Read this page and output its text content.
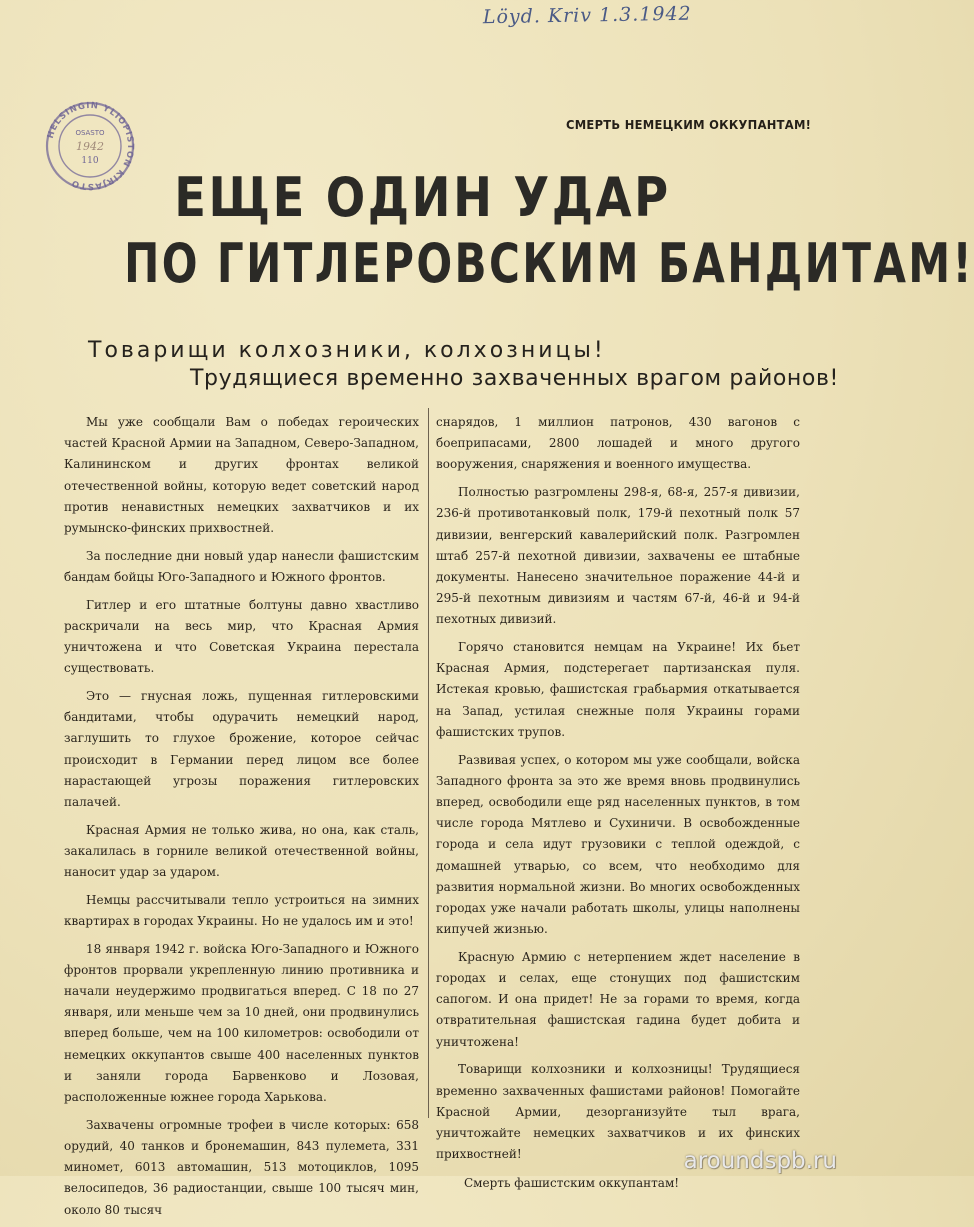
Löyd. Kriv 1.3.1942
HELSINGIN YLIOPISTON KIRJASTO
OSASTO
1942
110
СМЕРТЬ НЕМЕЦКИМ ОККУПАНТАМ!
ЕЩЕ ОДИН УДАР
ПО ГИТЛЕРОВСКИМ БАНДИТАМ!
Товарищи колхозники, колхозницы!
Трудящиеся временно захваченных врагом районов!

Мы уже сообщали Вам о победах героических частей Красной Армии на Западном, Северо-Западном, Калининском и других фронтах великой отечественной войны, которую ведет советский народ против ненавистных немецких захватчиков и их румынско-финских прихвостней.

За последние дни новый удар нанесли фашистским бандам бойцы Юго-Западного и Южного фронтов.

Гитлер и его штатные болтуны давно хвастливо раскричали на весь мир, что Красная Армия уничтожена и что Советская Украина перестала существовать.

Это — гнусная ложь, пущенная гитлеровскими бандитами, чтобы одурачить немецкий народ, заглушить то глухое брожение, которое сейчас происходит в Германии перед лицом все более нарастающей угрозы поражения гитлеровских палачей.

Красная Армия не только жива, но она, как сталь, закалилась в горниле великой отечественной войны, наносит удар за ударом.

Немцы рассчитывали тепло устроиться на зимних квартирах в городах Украины. Но не удалось им и это!

18 января 1942 г. войска Юго-Западного и Южного фронтов прорвали укрепленную линию противника и начали неудержимо продвигаться вперед. С 18 по 27 января, или меньше чем за 10 дней, они продвинулись вперед больше, чем на 100 километров: освободили от немецких оккупантов свыше 400 населенных пунктов и заняли города Барвенково и Лозовая, расположенные южнее города Харькова.

Захвачены огромные трофеи в числе которых: 658 орудий, 40 танков и бронемашин, 843 пулемета, 331 миномет, 6013 автомашин, 513 мотоциклов, 1095 велосипедов, 36 радиостанции, свыше 100 тысяч мин, около 80 тысяч

снарядов, 1 миллион патронов, 430 вагонов с боеприпасами, 2800 лошадей и много другого вооружения, снаряжения и военного имущества.

Полностью разгромлены 298-я, 68-я, 257-я дивизии, 236-й противотанковый полк, 179-й пехотный полк 57 дивизии, венгерский кавалерийский полк. Разгромлен штаб 257-й пехотной дивизии, захвачены ее штабные документы. Нанесено значительное поражение 44-й и 295-й пехотным дивизиям и частям 67-й, 46-й и 94-й пехотных дивизий.

Горячо становится немцам на Украине! Их бьет Красная Армия, подстерегает партизанская пуля. Истекая кровью, фашистская грабьармия откатывается на Запад, устилая снежные поля Украины горами фашистских трупов.

Развивая успех, о котором мы уже сообщали, войска Западного фронта за это же время вновь продвинулись вперед, освободили еще ряд населенных пунктов, в том числе города Мятлево и Сухиничи. В освобожденные города и села идут грузовики с теплой одеждой, с домашней утварью, со всем, что необходимо для развития нормальной жизни. Во многих освобожденных городах уже начали работать школы, улицы наполнены кипучей жизнью.

Красную Армию с нетерпением ждет население в городах и селах, еще стонущих под фашистским сапогом. И она придет! Не за горами то время, когда отвратительная фашистская гадина будет добита и уничтожена!

Товарищи колхозники и колхозницы! Трудящиеся временно захваченных фашистами районов! Помогайте Красной Армии, дезорганизуйте тыл врага, уничтожайте немецких захватчиков и их финских прихвостней!

Смерть фашистским оккупантам!

aroundspb.ru
